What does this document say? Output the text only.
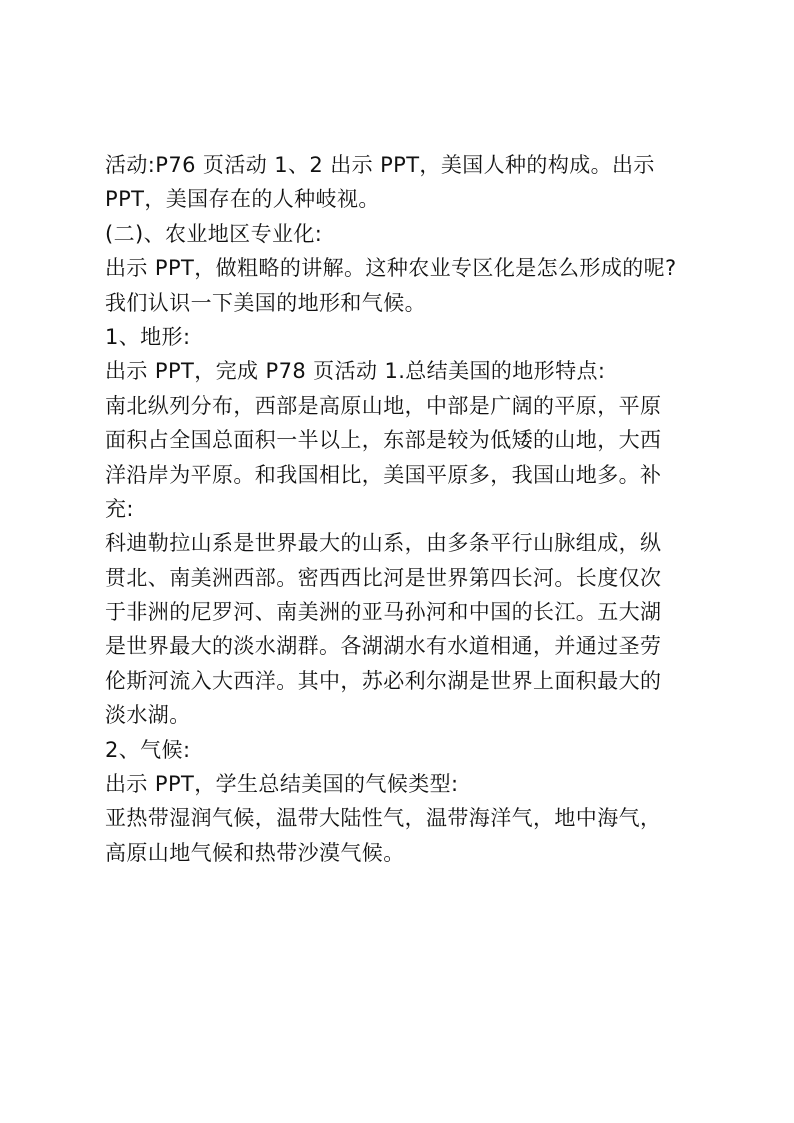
活动:P76 页活动 1、2 出示 PPT，美国人种的构成。出示
PPT，美国存在的人种岐视。
(二)、农业地区专业化:
出示 PPT，做粗略的讲解。这种农业专区化是怎么形成的呢?
我们认识一下美国的地形和气候。
1、地形:
出示 PPT，完成 P78 页活动 1.总结美国的地形特点:
南北纵列分布，西部是高原山地，中部是广阔的平原，平原
面积占全国总面积一半以上，东部是较为低矮的山地，大西
洋沿岸为平原。和我国相比，美国平原多，我国山地多。补
充:
科迪勒拉山系是世界最大的山系，由多条平行山脉组成，纵
贯北、南美洲西部。密西西比河是世界第四长河。长度仅次
于非洲的尼罗河、南美洲的亚马孙河和中国的长江。五大湖
是世界最大的淡水湖群。各湖湖水有水道相通，并通过圣劳
伦斯河流入大西洋。其中，苏必利尔湖是世界上面积最大的
淡水湖。
2、气候:
出示 PPT，学生总结美国的气候类型:
亚热带湿润气候，温带大陆性气，温带海洋气，地中海气，
高原山地气候和热带沙漠气候。
